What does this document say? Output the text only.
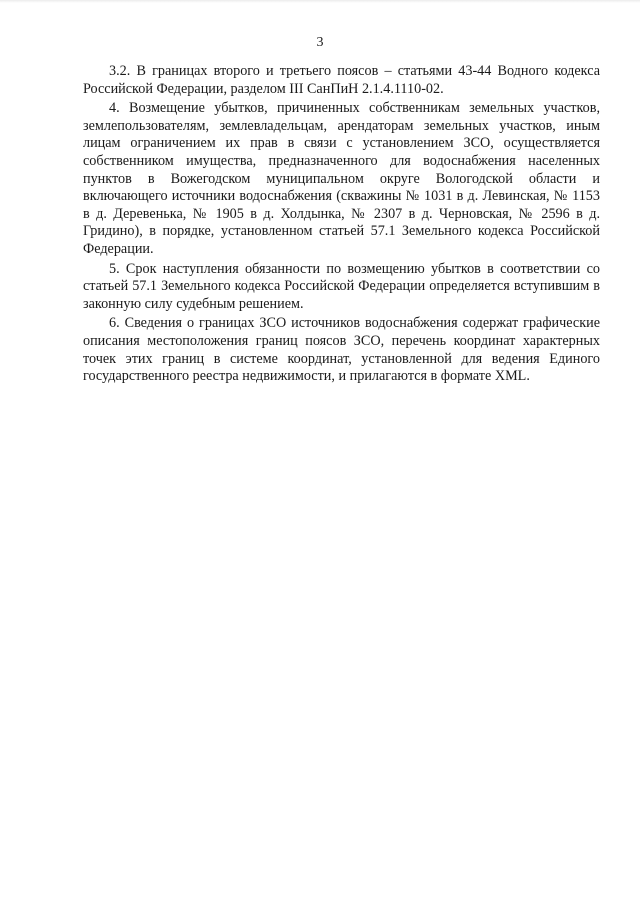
3

3.2. В границах второго и третьего поясов – статьями 43-44 Водного кодекса Российской Федерации, разделом III СанПиН 2.1.4.1110-02.

4. Возмещение убытков, причиненных собственникам земельных участков, землепользователям, землевладельцам, арендаторам земельных участков, иным лицам ограничением их прав в связи с установлением ЗСО, осуществляется собственником имущества, предназначенного для водоснабжения населенных пунктов в Вожегодском муниципальном округе Вологодской области и включающего источники водоснабжения (скважины № 1031 в д. Левинская, № 1153 в д. Деревенька, № 1905 в д. Холдынка, № 2307 в д. Черновская, № 2596 в д. Гридино), в порядке, установленном статьей 57.1 Земельного кодекса Российской Федерации.

5. Срок наступления обязанности по возмещению убытков в соответствии со статьей 57.1 Земельного кодекса Российской Федерации определяется вступившим в законную силу судебным решением.

6. Сведения о границах ЗСО источников водоснабжения содержат графические описания местоположения границ поясов ЗСО, перечень координат характерных точек этих границ в системе координат, установленной для ведения Единого государственного реестра недвижимости, и прилагаются в формате XML.
